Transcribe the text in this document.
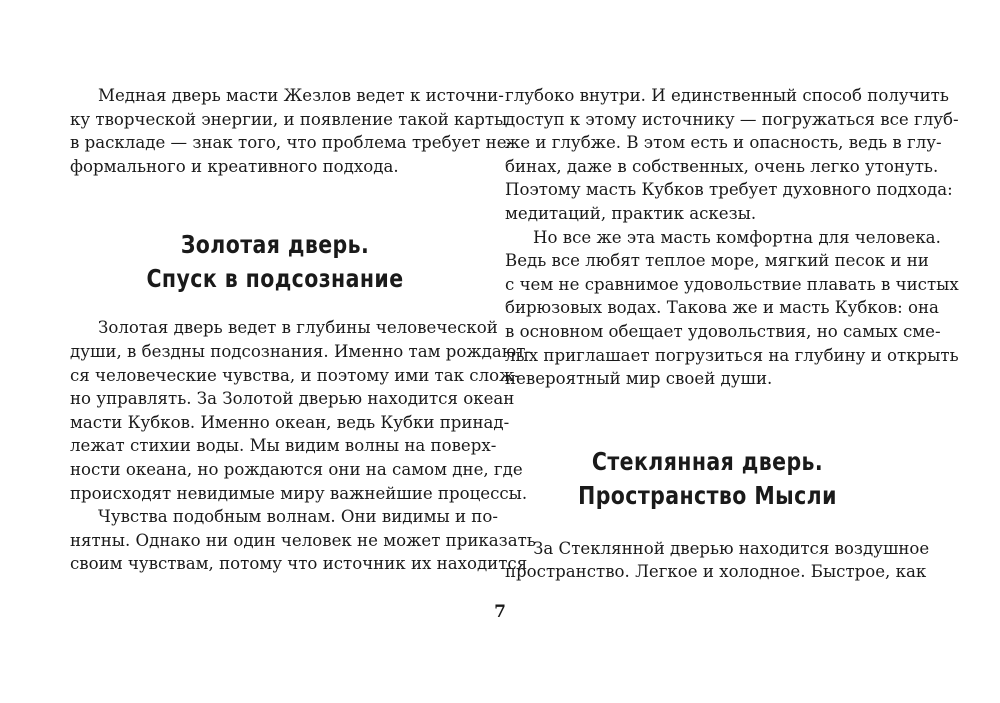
Медная дверь масти Жезлов ведет к источни-
ку творческой энергии, и появление такой карты
в раскладе — знак того, что проблема требует не-
формального и креативного подхода.
Золотая дверь.
Спуск в подсознание
Золотая дверь ведет в глубины человеческой
души, в бездны подсознания. Именно там рождают-
ся человеческие чувства, и поэтому ими так слож-
но управлять. За Золотой дверью находится океан
масти Кубков. Именно океан, ведь Кубки принад-
лежат стихии воды. Мы видим волны на поверх-
ности океана, но рождаются они на самом дне, где
происходят невидимые миру важнейшие процессы.
Чувства подобным волнам. Они видимы и по-
нятны. Однако ни один человек не может приказать
своим чувствам, потому что источник их находится
глубоко внутри. И единственный способ получить
доступ к этому источнику — погружаться все глуб-
же и глубже. В этом есть и опасность, ведь в глу-
бинах, даже в собственных, очень легко утонуть.
Поэтому масть Кубков требует духовного подхода:
медитаций, практик аскезы.
Но все же эта масть комфортна для человека.
Ведь все любят теплое море, мягкий песок и ни
с чем не сравнимое удовольствие плавать в чистых
бирюзовых водах. Такова же и масть Кубков: она
в основном обещает удовольствия, но самых сме-
лых приглашает погрузиться на глубину и открыть
невероятный мир своей души.
Стеклянная дверь.
Пространство Мысли
За Стеклянной дверью находится воздушное
пространство. Легкое и холодное. Быстрое, как
7
